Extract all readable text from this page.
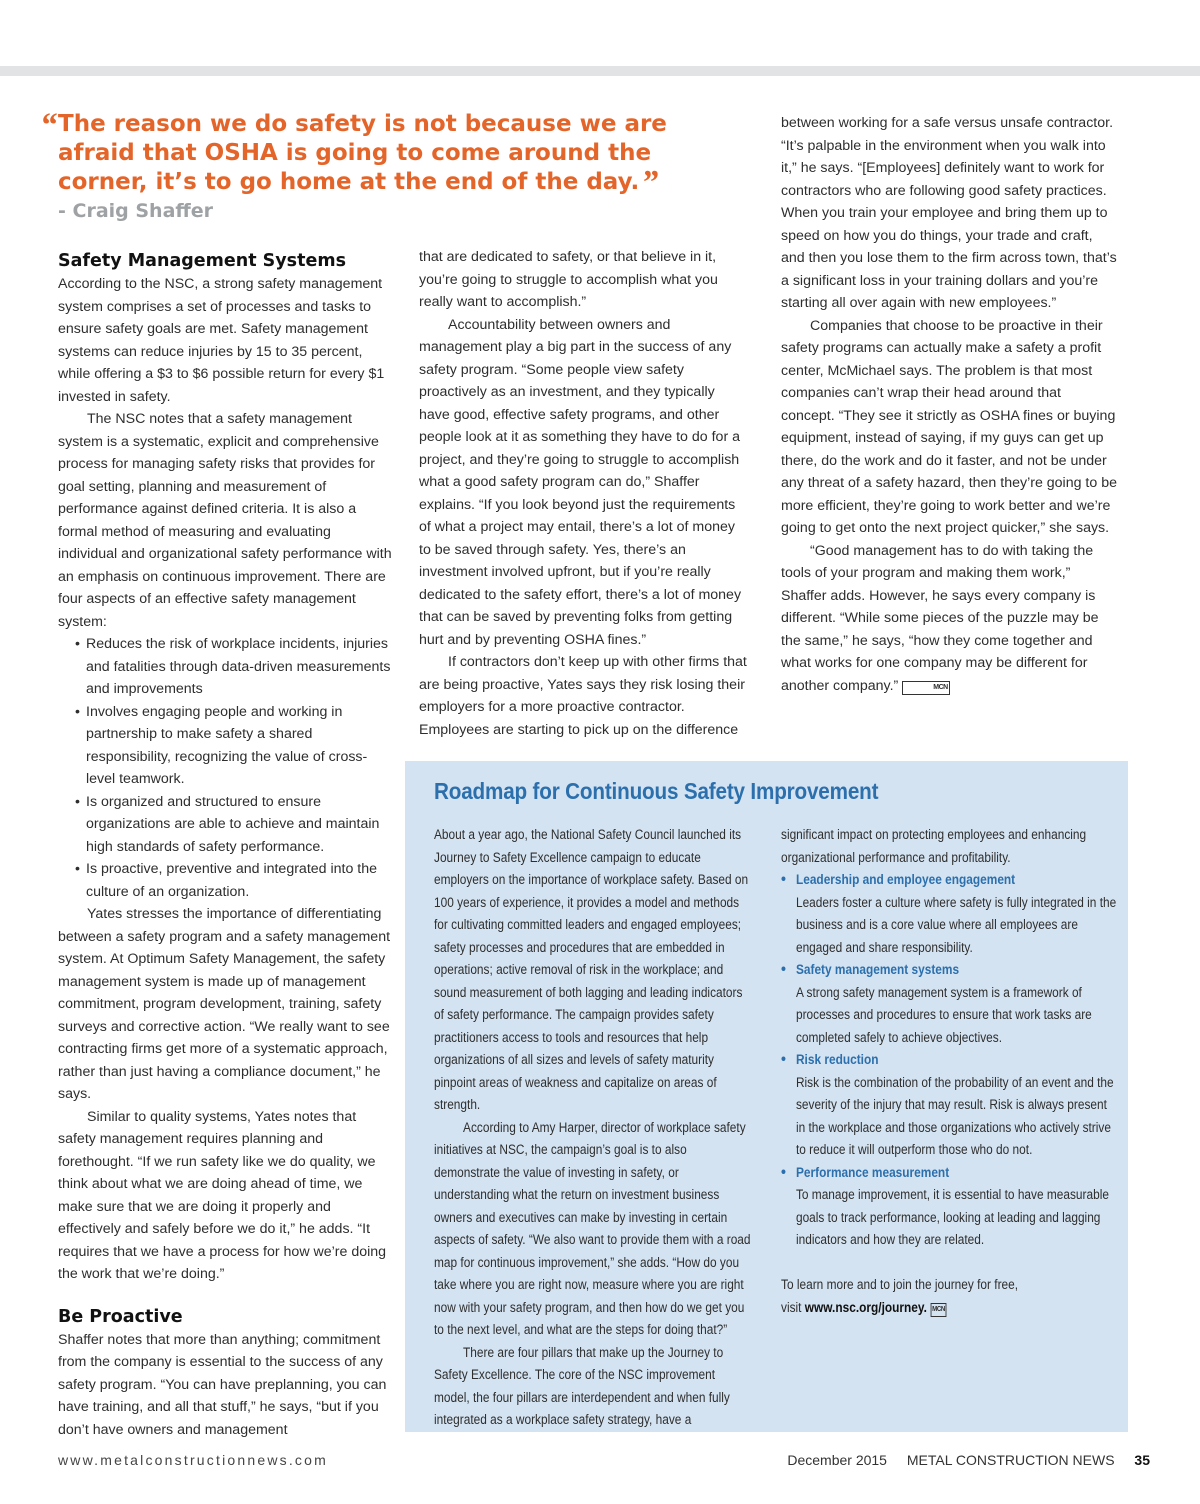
“ The reason we do safety is not because we are afraid that OSHA is going to come around the corner, it’s to go home at the end of the day.”
- Craig Shaffer
Safety Management Systems

According to the NSC, a strong safety management system comprises a set of processes and tasks to ensure safety goals are met. Safety management systems can reduce injuries by 15 to 35 percent, while offering a $3 to $6 possible return for every $1 invested in safety.

The NSC notes that a safety management system is a systematic, explicit and comprehensive process for managing safety risks that provides for goal setting, planning and measurement of performance against defined criteria. It is also a formal method of measuring and evaluating individual and organizational safety performance with an emphasis on continuous improvement. There are four aspects of an effective safety management system:

• Reduces the risk of workplace incidents, injuries and fatalities through data-driven measurements and improvements
• Involves engaging people and working in partnership to make safety a shared responsibility, recognizing the value of cross-level teamwork.
• Is organized and structured to ensure organizations are able to achieve and maintain high standards of safety performance.
• Is proactive, preventive and integrated into the culture of an organization.

Yates stresses the importance of differentiating between a safety program and a safety management system. At Optimum Safety Management, the safety management system is made up of management commitment, program development, training, safety surveys and corrective action. “We really want to see contracting firms get more of a systematic approach, rather than just having a compliance document,” he says.

Similar to quality systems, Yates notes that safety management requires planning and forethought. “If we run safety like we do quality, we think about what we are doing ahead of time, we make sure that we are doing it properly and effectively and safely before we do it,” he adds. “It requires that we have a process for how we’re doing the work that we’re doing.”

Be Proactive

Shaffer notes that more than anything; commitment from the company is essential to the success of any safety program. “You can have preplanning, you can have training, and all that stuff,” he says, “but if you don’t have owners and management

that are dedicated to safety, or that believe in it, you’re going to struggle to accomplish what you really want to accomplish.”

Accountability between owners and management play a big part in the success of any safety program. “Some people view safety proactively as an investment, and they typically have good, effective safety programs, and other people look at it as something they have to do for a project, and they’re going to struggle to accomplish what a good safety program can do,” Shaffer explains. “If you look beyond just the requirements of what a project may entail, there’s a lot of money to be saved through safety. Yes, there’s an investment involved upfront, but if you’re really dedicated to the safety effort, there’s a lot of money that can be saved by preventing folks from getting hurt and by preventing OSHA fines.”

If contractors don’t keep up with other firms that are being proactive, Yates says they risk losing their employers for a more proactive contractor. Employees are starting to pick up on the difference

between working for a safe versus unsafe contractor. “It’s palpable in the environment when you walk into it,” he says. “[Employees] definitely want to work for contractors who are following good safety practices. When you train your employee and bring them up to speed on how you do things, your trade and craft, and then you lose them to the firm across town, that’s a significant loss in your training dollars and you’re starting all over again with new employees.”

Companies that choose to be proactive in their safety programs can actually make a safety a profit center, McMichael says. The problem is that most companies can’t wrap their head around that concept. “They see it strictly as OSHA fines or buying equipment, instead of saying, if my guys can get up there, do the work and do it faster, and not be under any threat of a safety hazard, then they’re going to be more efficient, they’re going to work better and we’re going to get onto the next project quicker,” she says.

“Good management has to do with taking the tools of your program and making them work,” Shaffer adds. However, he says every company is different. “While some pieces of the puzzle may be the same,” he says, “how they come together and what works for one company may be different for another company.”	MCN

Roadmap for Continuous Safety Improvement

About a year ago, the National Safety Council launched its Journey to Safety Excellence campaign to educate employers on the importance of workplace safety. Based on 100 years of experience, it provides a model and methods for cultivating committed leaders and engaged employees; safety processes and procedures that are embedded in operations; active removal of risk in the workplace; and sound measurement of both lagging and leading indicators of safety performance. The campaign provides safety practitioners access to tools and resources that help organizations of all sizes and levels of safety maturity pinpoint areas of weakness and capitalize on areas of strength.

According to Amy Harper, director of workplace safety initiatives at NSC, the campaign’s goal is to also demonstrate the value of investing in safety, or understanding what the return on investment business owners and executives can make by investing in certain aspects of safety. “We also want to provide them with a road map for continuous improvement,” she adds. “How do you take where you are right now, measure where you are right now with your safety program, and then how do we get you to the next level, and what are the steps for doing that?”

There are four pillars that make up the Journey to Safety Excellence. The core of the NSC improvement model, the four pillars are interdependent and when fully integrated as a workplace safety strategy, have a

significant impact on protecting employees and enhancing organizational performance and profitability.

• Leadership and employee engagement
Leaders foster a culture where safety is fully integrated in the business and is a core value where all employees are engaged and share responsibility.
• Safety management systems
A strong safety management system is a framework of processes and procedures to ensure that work tasks are completed safely to achieve objectives.
• Risk reduction
Risk is the combination of the probability of an event and the severity of the injury that may result. Risk is always present in the workplace and those organizations who actively strive to reduce it will outperform those who do not.
• Performance measurement
To manage improvement, it is essential to have measurable goals to track performance, looking at leading and lagging indicators and how they are related.

To learn more and to join the journey for free,

visit www.nsc.org/journey. MCN

www.metalconstructionnews.com	December 2015 METAL CONSTRUCTION NEWS 35
